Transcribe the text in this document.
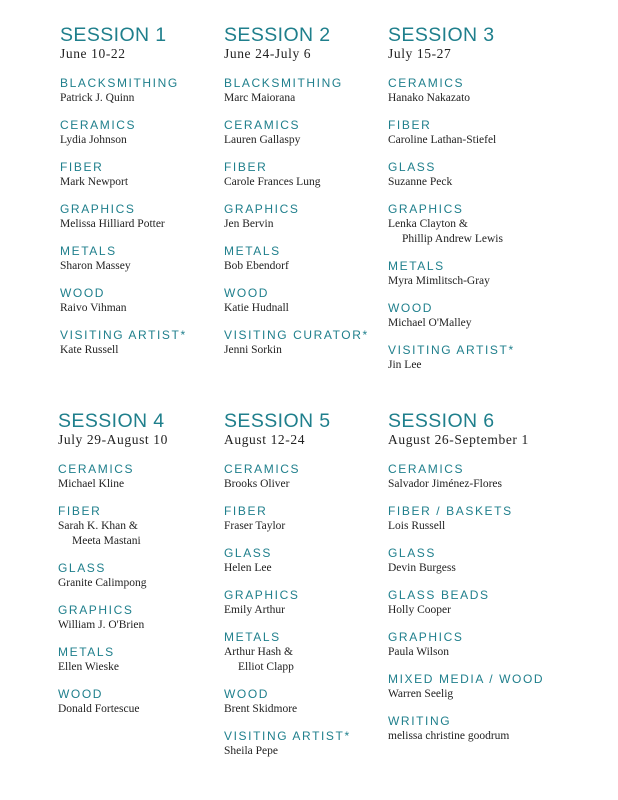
SESSION 1
June 10-22
BLACKSMITHING
Patrick J. Quinn
CERAMICS
Lydia Johnson
FIBER
Mark Newport
GRAPHICS
Melissa Hilliard Potter
METALS
Sharon Massey
WOOD
Raivo Vihman
VISITING ARTIST*
Kate Russell
SESSION 2
June 24-July 6
BLACKSMITHING
Marc Maiorana
CERAMICS
Lauren Gallaspy
FIBER
Carole Frances Lung
GRAPHICS
Jen Bervin
METALS
Bob Ebendorf
WOOD
Katie Hudnall
VISITING CURATOR*
Jenni Sorkin
SESSION 3
July 15-27
CERAMICS
Hanako Nakazato
FIBER
Caroline Lathan-Stiefel
GLASS
Suzanne Peck
GRAPHICS
Lenka Clayton &
Phillip Andrew Lewis
METALS
Myra Mimlitsch-Gray
WOOD
Michael O'Malley
VISITING ARTIST*
Jin Lee
SESSION 4
July 29-August 10
CERAMICS
Michael Kline
FIBER
Sarah K. Khan &
Meeta Mastani
GLASS
Granite Calimpong
GRAPHICS
William J. O'Brien
METALS
Ellen Wieske
WOOD
Donald Fortescue
SESSION 5
August 12-24
CERAMICS
Brooks Oliver
FIBER
Fraser Taylor
GLASS
Helen Lee
GRAPHICS
Emily Arthur
METALS
Arthur Hash &
Elliot Clapp
WOOD
Brent Skidmore
VISITING ARTIST*
Sheila Pepe
SESSION 6
August 26-September 1
CERAMICS
Salvador Jiménez-Flores
FIBER / BASKETS
Lois Russell
GLASS
Devin Burgess
GLASS BEADS
Holly Cooper
GRAPHICS
Paula Wilson
MIXED MEDIA / WOOD
Warren Seelig
WRITING
melissa christine goodrum
